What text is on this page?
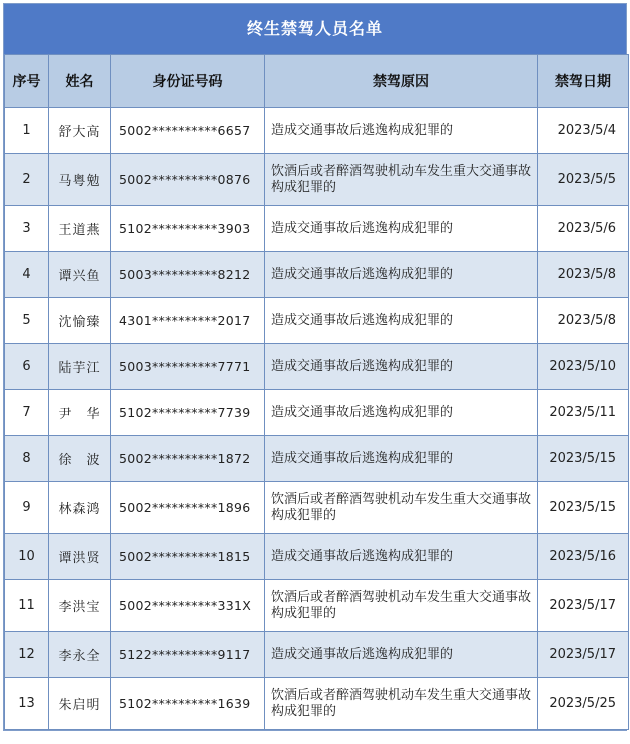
终生禁驾人员名单
序号	姓名	身份证号码	禁驾原因	禁驾日期
1	舒大高	5002**********6657	造成交通事故后逃逸构成犯罪的	2023/5/4
2	马粤勉	5002**********0876	饮酒后或者醉酒驾驶机动车发生重大交通事故构成犯罪的	2023/5/5
3	王道燕	5102**********3903	造成交通事故后逃逸构成犯罪的	2023/5/6
4	谭兴鱼	5003**********8212	造成交通事故后逃逸构成犯罪的	2023/5/8
5	沈愉臻	4301**********2017	造成交通事故后逃逸构成犯罪的	2023/5/8
6	陆芋江	5003**********7771	造成交通事故后逃逸构成犯罪的	2023/5/10
7	尹　华	5102**********7739	造成交通事故后逃逸构成犯罪的	2023/5/11
8	徐　波	5002**********1872	造成交通事故后逃逸构成犯罪的	2023/5/15
9	林森鸿	5002**********1896	饮酒后或者醉酒驾驶机动车发生重大交通事故构成犯罪的	2023/5/15
10	谭洪贤	5002**********1815	造成交通事故后逃逸构成犯罪的	2023/5/16
11	李洪宝	5002**********331X	饮酒后或者醉酒驾驶机动车发生重大交通事故构成犯罪的	2023/5/17
12	李永全	5122**********9117	造成交通事故后逃逸构成犯罪的	2023/5/17
13	朱启明	5102**********1639	饮酒后或者醉酒驾驶机动车发生重大交通事故构成犯罪的	2023/5/25
